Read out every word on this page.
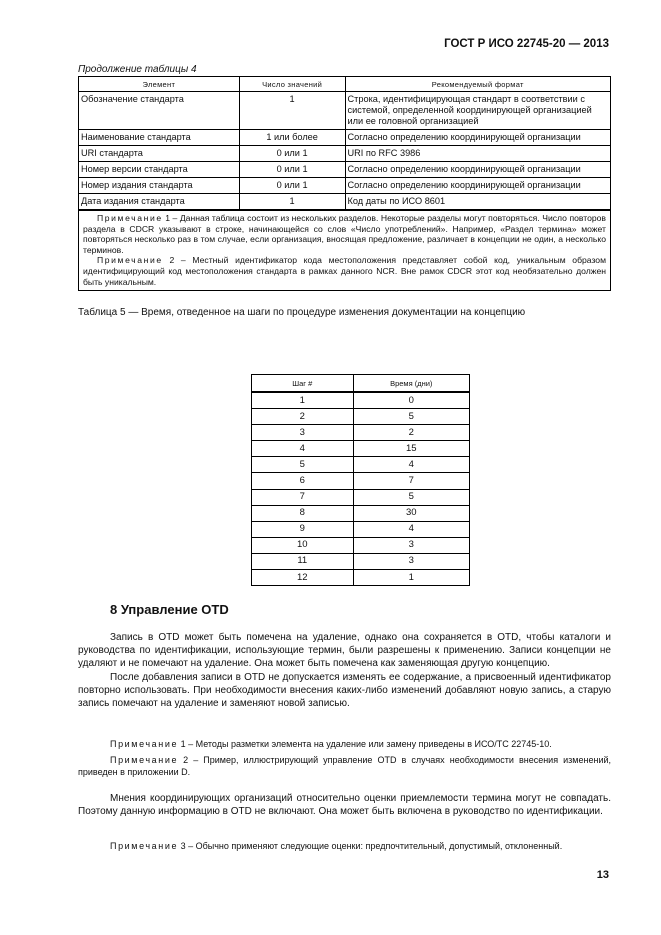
ГОСТ Р ИСО 22745-20 — 2013
Продолжение таблицы 4
Элемент	Число значений	Рекомендуемый формат
Обозначение стандарта	1	Строка, идентифицирующая стандарт в соответствии с системой, определенной координирующей организацией или ее головной организацией
Наименование стандарта	1 или более	Согласно определению координирующей организации
URI стандарта	0 или 1	URI по RFC 3986
Номер версии стандарта	0 или 1	Согласно определению координирующей организации
Номер издания стандарта	0 или 1	Согласно определению координирующей организации
Дата издания стандарта	1	Код даты по ИСО 8601

Примечание 1 – Данная таблица состоит из нескольких разделов. Некоторые разделы могут повторяться. Число повторов раздела в CDCR указывают в строке, начинающейся со слов «Число употреблений». Например, «Раздел термина» может повторяться несколько раз в том случае, если организация, вносящая предложение, различает в концепции не один, а несколько терминов.

Примечание 2 – Местный идентификатор кода местоположения представляет собой код, уникальным образом идентифицирующий код местоположения стандарта в рамках данного NCR. Вне рамок CDCR этот код необязательно должен быть уникальным.		

Таблица 5 — Время, отведенное на шаги по процедуре изменения документации на концепцию
Шаг #	Время (дни)
1	0
2	5
3	2
4	15
5	4
6	7
7	5
8	30
9	4
10	3
11	3
12	1
8 Управление OTD

Запись в OTD может быть помечена на удаление, однако она сохраняется в OTD, чтобы каталоги и руководства по идентификации, использующие термин, были разрешены к применению. Записи концепции не удаляют и не помечают на удаление. Она может быть помечена как заменяющая другую концепцию.

После добавления записи в OTD не допускается изменять ее содержание, а присвоенный идентификатор повторно использовать. При необходимости внесения каких-либо изменений добавляют новую запись, а старую запись помечают на удаление и заменяют новой записью.

Примечание 1 – Методы разметки элемента на удаление или замену приведены в ИСО/ТС 22745-10.

Примечание 2 – Пример, иллюстрирующий управление OTD в случаях необходимости внесения изменений, приведен в приложении D.

Мнения координирующих организаций относительно оценки приемлемости термина могут не совпадать. Поэтому данную информацию в OTD не включают. Она может быть включена в руководство по идентификации.

Примечание 3 – Обычно применяют следующие оценки: предпочтительный, допустимый, отклоненный.

13
